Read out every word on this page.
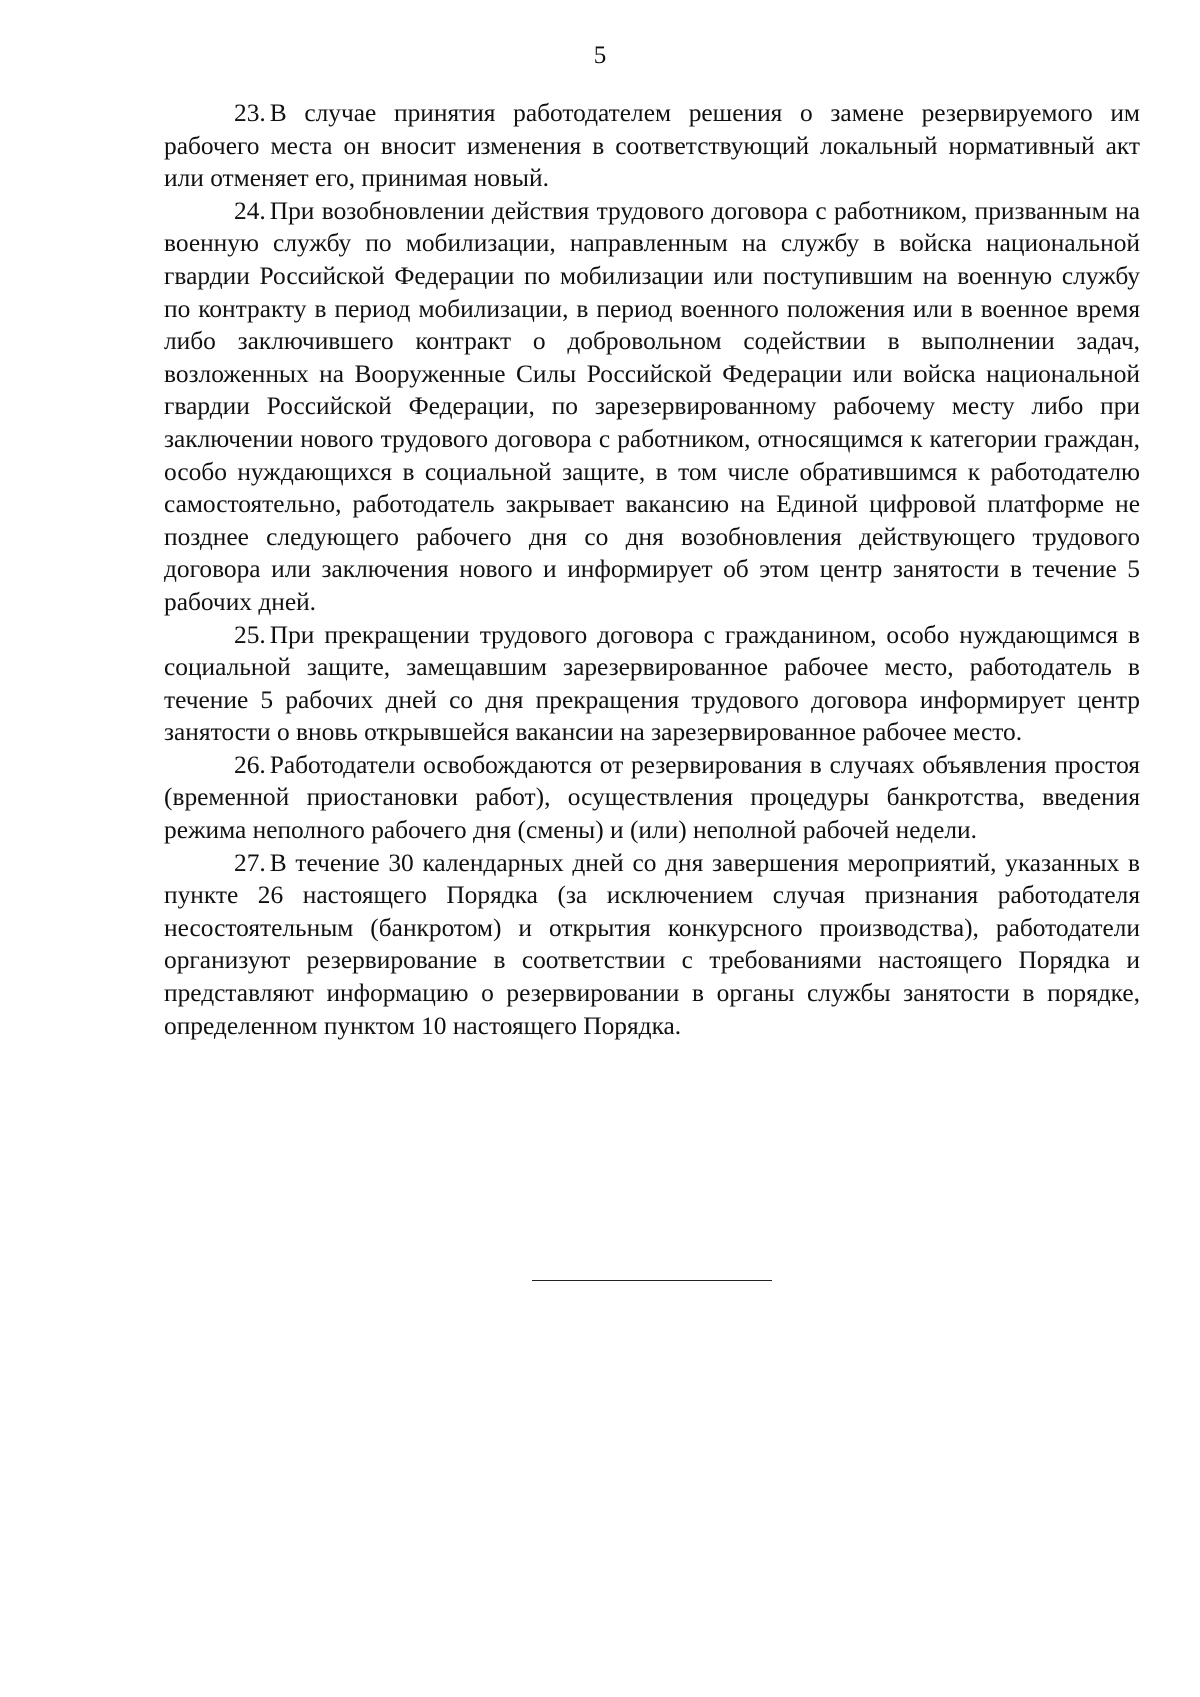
5

23. В случае принятия работодателем решения о замене резервируемого им рабочего места он вносит изменения в соответствующий локальный нормативный акт или отменяет его, принимая новый.

24. При возобновлении действия трудового договора с работником, призванным на военную службу по мобилизации, направленным на службу в войска национальной гвардии Российской Федерации по мобилизации или поступившим на военную службу по контракту в период мобилизации, в период военного положения или в военное время либо заключившего контракт о добровольном содействии в выполнении задач, возложенных на Вооруженные Силы Российской Федерации или войска национальной гвардии Российской Федерации, по зарезервированному рабочему месту либо при заключении нового трудового договора с работником, относящимся к категории граждан, особо нуждающихся в социальной защите, в том числе обратившимся к работодателю самостоятельно, работодатель закрывает вакансию на Единой цифровой платформе не позднее следующего рабочего дня со дня возобновления действующего трудового договора или заключения нового и информирует об этом центр занятости в течение 5 рабочих дней.

25. При прекращении трудового договора с гражданином, особо нуждающимся в социальной защите, замещавшим зарезервированное рабочее место, работодатель в течение 5 рабочих дней со дня прекращения трудового договора информирует центр занятости о вновь открывшейся вакансии на зарезервированное рабочее место.

26. Работодатели освобождаются от резервирования в случаях объявления простоя (временной приостановки работ), осуществления процедуры банкротства, введения режима неполного рабочего дня (смены) и (или) неполной рабочей недели.

27. В течение 30 календарных дней со дня завершения мероприятий, указанных в пункте 26 настоящего Порядка (за исключением случая признания работодателя несостоятельным (банкротом) и открытия конкурсного производства), работодатели организуют резервирование в соответствии с требованиями настоящего Порядка и представляют информацию о резервировании в органы службы занятости в порядке, определенном пунктом 10 настоящего Порядка.
